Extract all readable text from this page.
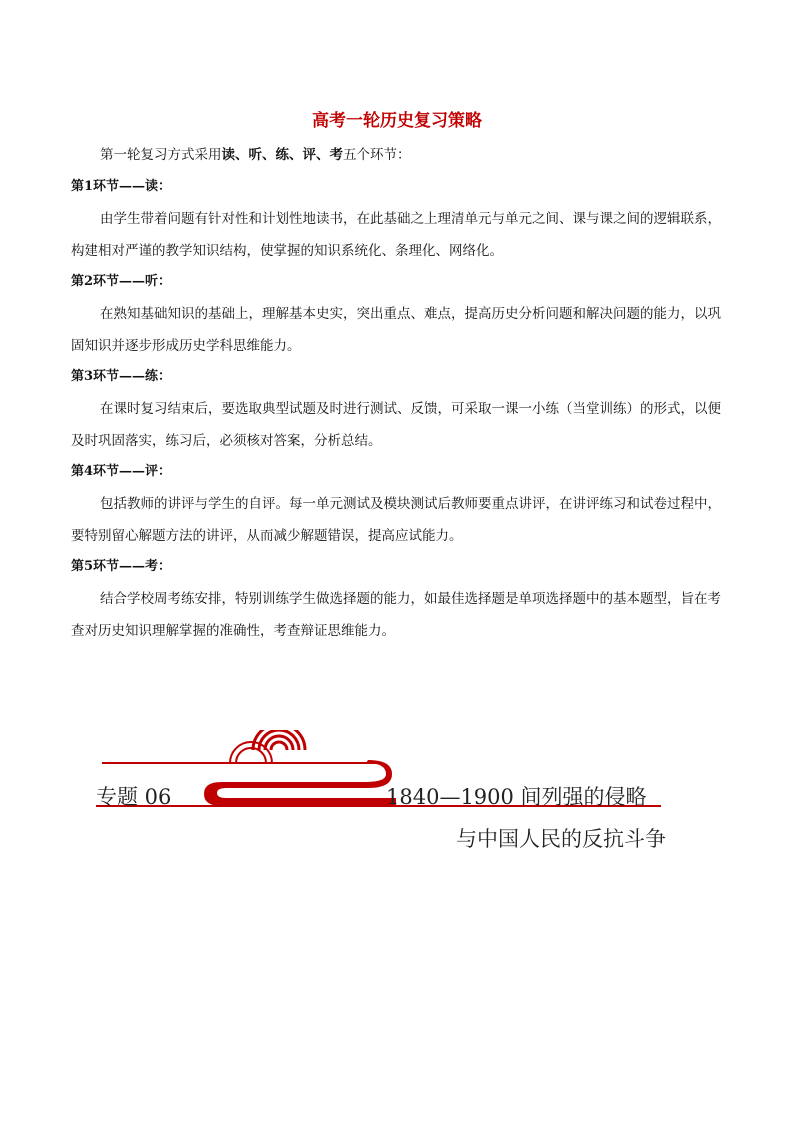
高考一轮历史复习策略

第一轮复习方式采用读、听、练、评、考五个环节：

第1环节——读：

由学生带着问题有针对性和计划性地读书，在此基础之上理清单元与单元之间、课与课之间的逻辑联系，构建相对严谨的教学知识结构，使掌握的知识系统化、条理化、网络化。

第2环节——听：

在熟知基础知识的基础上，理解基本史实，突出重点、难点，提高历史分析问题和解决问题的能力，以巩固知识并逐步形成历史学科思维能力。

第3环节——练：

在课时复习结束后，要选取典型试题及时进行测试、反馈，可采取一课一小练（当堂训练）的形式，以便及时巩固落实，练习后，必须核对答案，分析总结。

第4环节——评：

包括教师的讲评与学生的自评。每一单元测试及模块测试后教师要重点讲评，在讲评练习和试卷过程中，要特别留心解题方法的讲评，从而减少解题错误，提高应试能力。

第5环节——考：

结合学校周考练安排，特别训练学生做选择题的能力，如最佳选择题是单项选择题中的基本题型，旨在考查对历史知识理解掌握的准确性，考查辩证思维能力。

专题 06	1840—1900 间列强的侵略
与中国人民的反抗斗争
